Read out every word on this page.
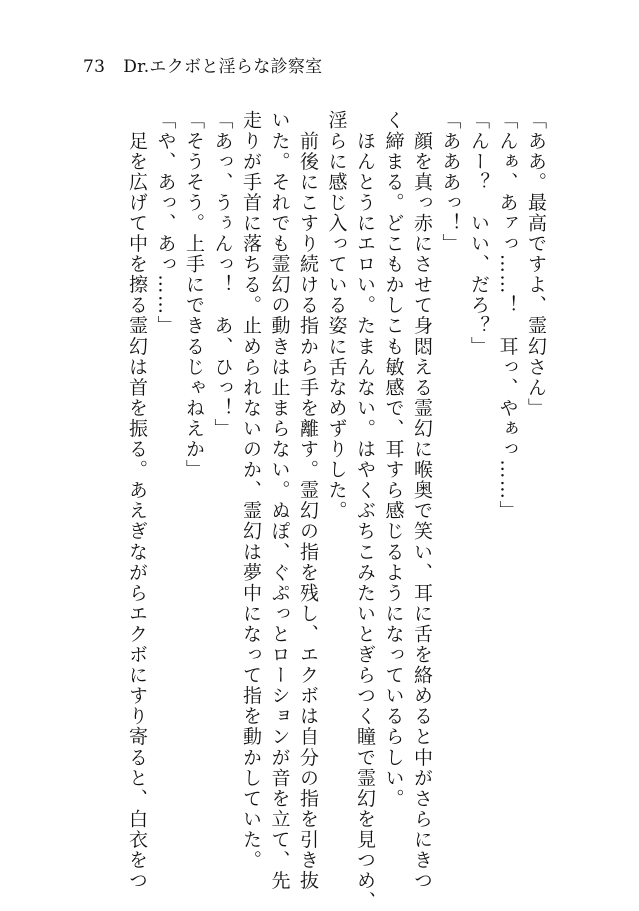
73 Dr.エクボと淫らな診察室
「ああ。最高ですよ、霊幻さん」
「んぁ、あァっ……！　耳っ、やぁっ……」
「んー？　いい、だろ？」
「あああっ！」
　顔を真っ赤にさせて身悶える霊幻に喉奥で笑い、耳に舌を絡めると中がさらにきつ
く締まる。どこもかしこも敏感で、耳すら感じるようになっているらしい。
　ほんとうにエロい。たまんない。はやくぶちこみたいとぎらつく瞳で霊幻を見つめ、
淫らに感じ入っている姿に舌なめずりした。
　前後にこすり続ける指から手を離す。霊幻の指を残し、エクボは自分の指を引き抜
いた。それでも霊幻の動きは止まらない。ぬぽ、ぐぷっとローションが音を立て、先
走りが手首に落ちる。止められないのか、霊幻は夢中になって指を動かしていた。
「あっ、うぅんっ！　あ、ひっ！」
「そうそう。上手にできるじゃねえか」
「や、あっ、あっ……」
　足を広げて中を擦る霊幻は首を振る。あえぎながらエクボにすり寄ると、白衣をつ
